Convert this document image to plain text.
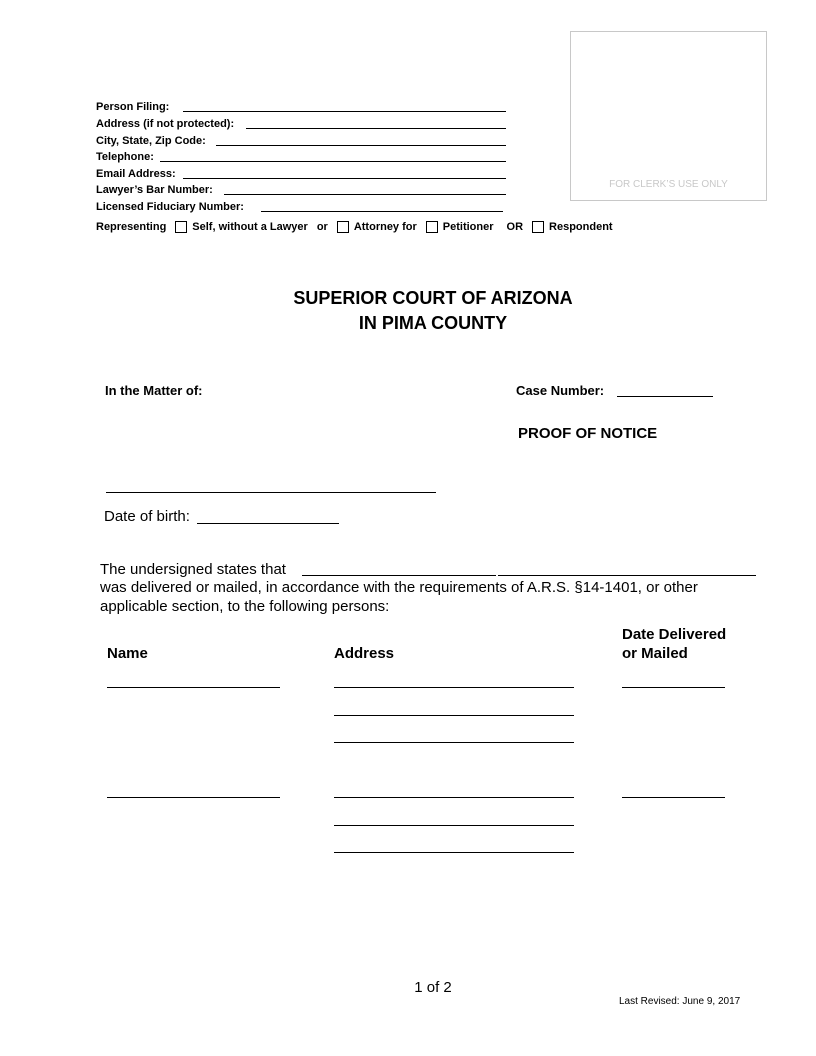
FOR CLERK’S USE ONLY
Person Filing:
Address (if not protected):
City, State, Zip Code:
Telephone:
Email Address:
Lawyer’s Bar Number:
Licensed Fiduciary Number:
Representing Self, without a Lawyer or Attorney for Petitioner OR Respondent
SUPERIOR COURT OF ARIZONA
IN PIMA COUNTY
In the Matter of:	Case Number:
PROOF OF NOTICE
Date of birth:
The undersigned states that
was delivered or mailed, in accordance with the requirements of A.R.S. §14-1401, or other
applicable section, to the following persons:
Name	Address
Date Delivered
or Mailed
1 of 2
Last Revised: June 9, 2017
